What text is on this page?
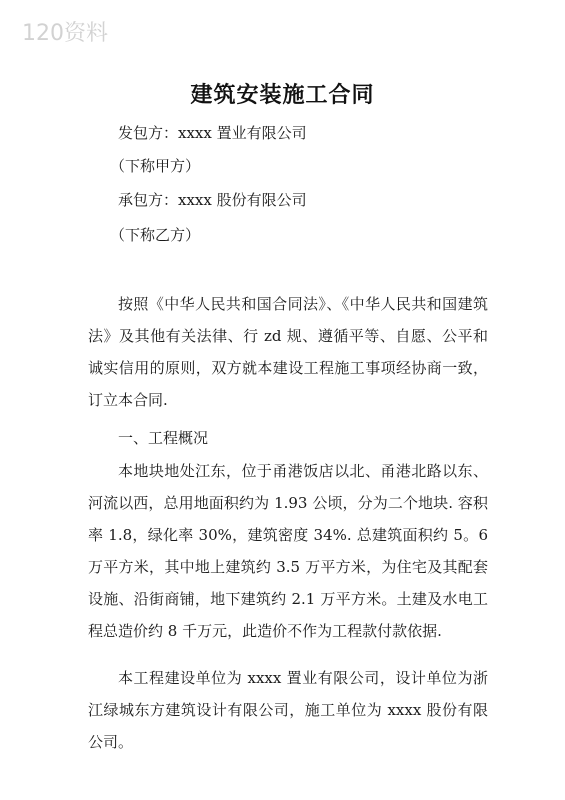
120资料
建筑安装施工合同
发包方：xxxx 置业有限公司
（下称甲方）
承包方：xxxx 股份有限公司
（下称乙方）
按照《中华人民共和国合同法》、《中华人民共和国建筑法》及其他有关法律、行 zd 规、遵循平等、自愿、公平和诚实信用的原则，双方就本建设工程施工事项经协商一致，订立本合同.
一、工程概况
本地块地处江东，位于甬港饭店以北、甬港北路以东、河流以西，总用地面积约为 1.93 公顷，分为二个地块. 容积率 1.8，绿化率 30%，建筑密度 34%. 总建筑面积约 5。6 万平方米，其中地上建筑约 3.5 万平方米，为住宅及其配套设施、沿街商铺，地下建筑约 2.1 万平方米。土建及水电工程总造价约 8 千万元，此造价不作为工程款付款依据.
本工程建设单位为 xxxx 置业有限公司，设计单位为浙江绿城东方建筑设计有限公司，施工单位为 xxxx 股份有限公司。
